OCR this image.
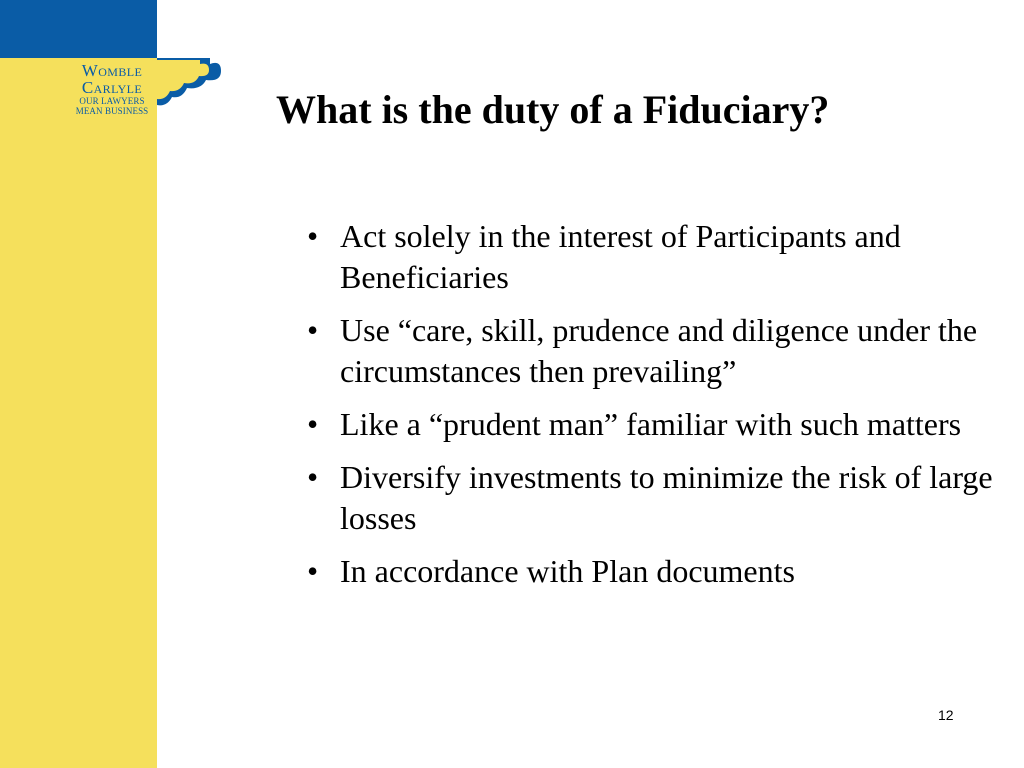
Womble
Carlyle
OUR LAWYERS
MEAN BUSINESS
®
What is the duty of a Fiduciary?
• Act solely in the interest of Participants and Beneficiaries
• Use “care, skill, prudence and diligence under the circumstances then prevailing”
• Like a “prudent man” familiar with such matters
• Diversify investments to minimize the risk of large losses
• In accordance with Plan documents
12
